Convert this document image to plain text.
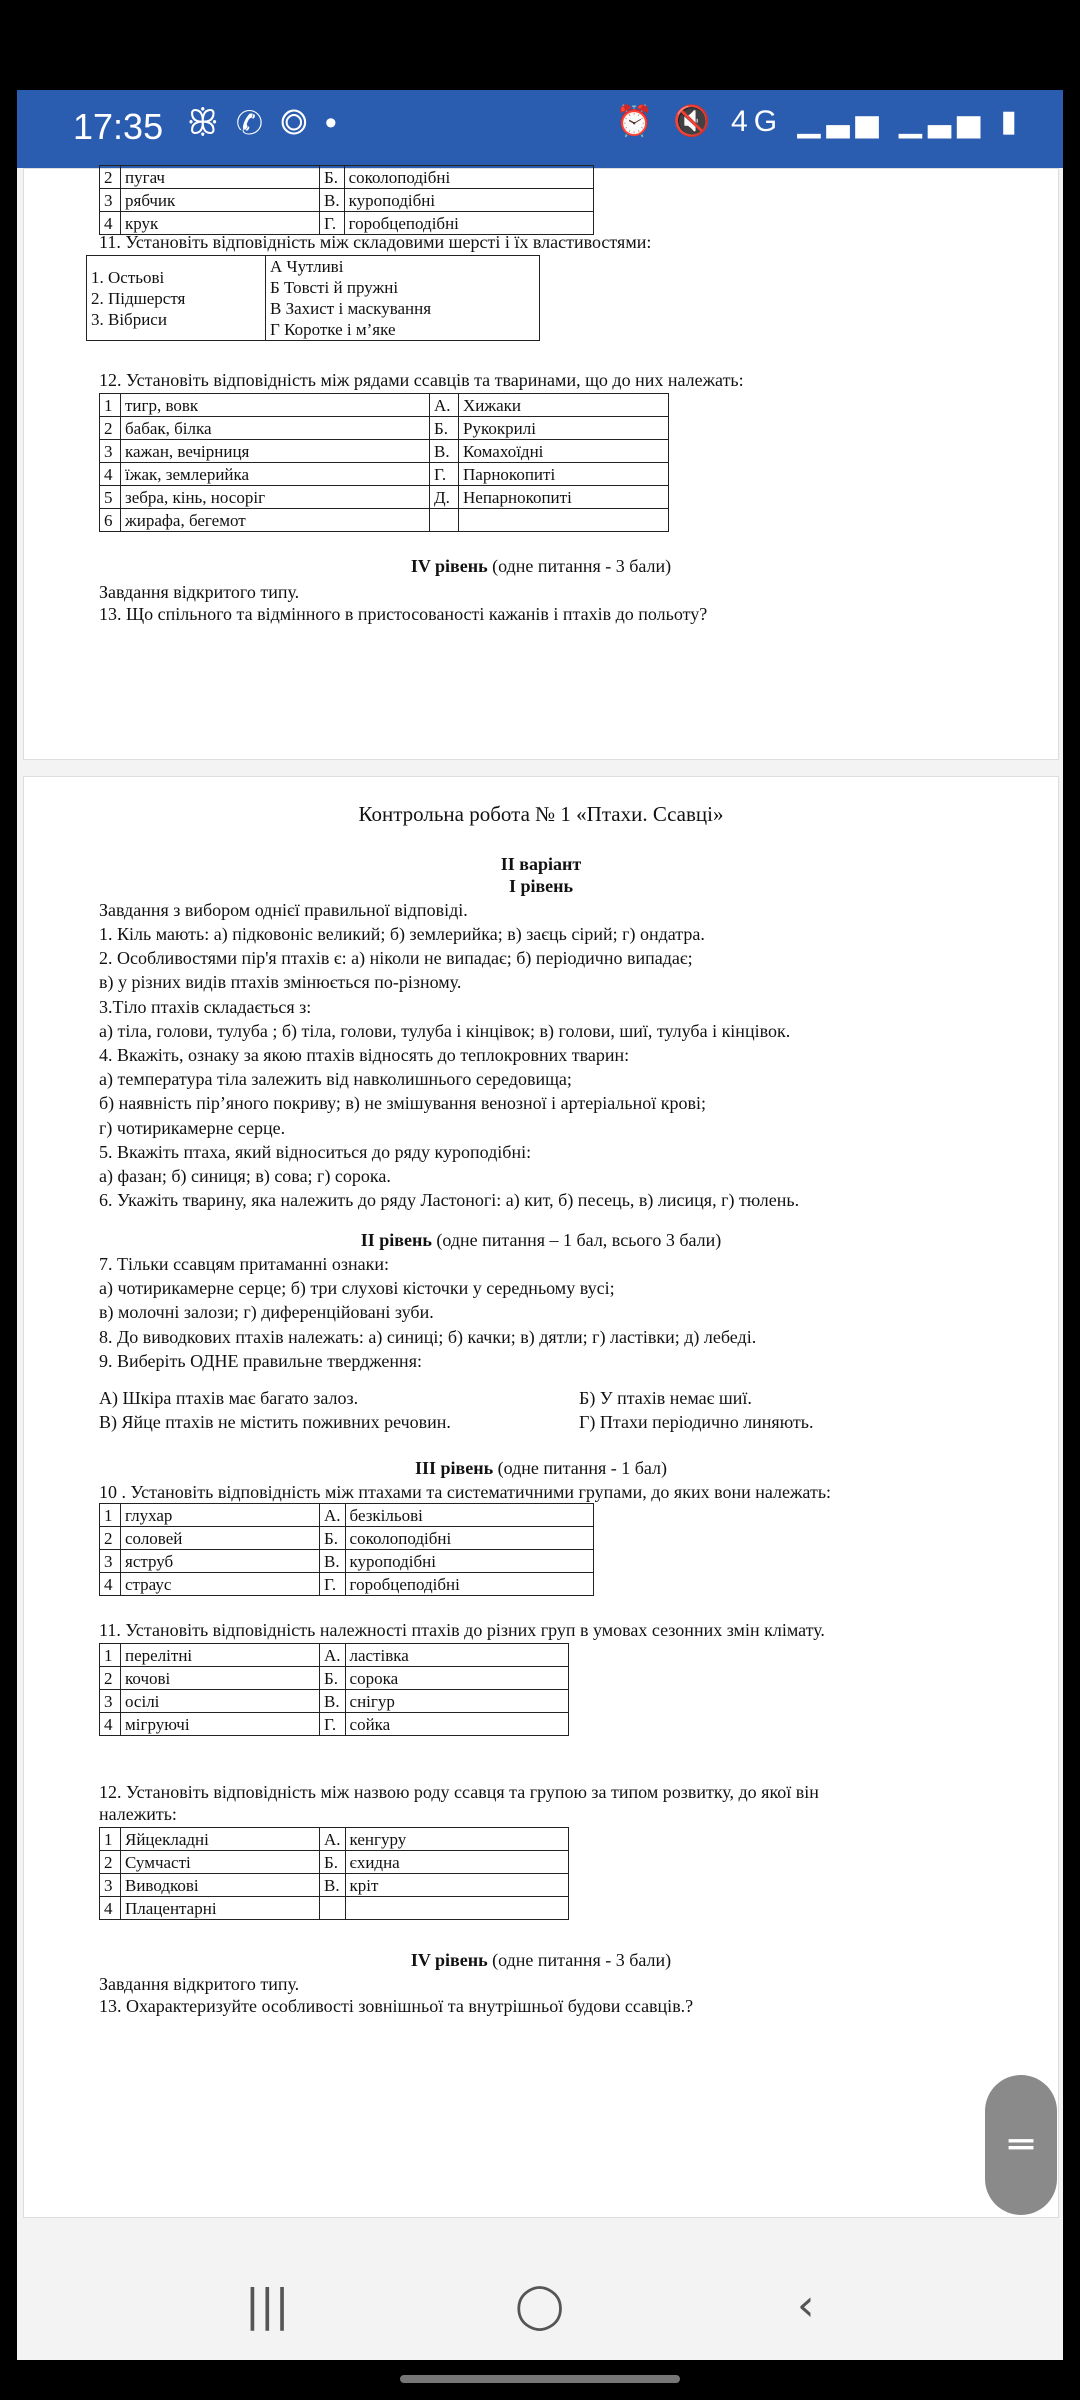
17:35 ꕥ ✆ ◎ •	⏰ 🔇 4G ▁▃▅ ▁▃▅ ▮
2	пугач	Б.	соколоподібні
3	рябчик	В.	куроподібні
4	крук	Г.	горобцеподібні
11. Установіть відповідність між складовими шерсті і їх властивостями:
1. Остьові
2. Підшерстя
3. Вібриси

А Чутливі
Б Товсті й пружні
В Захист і маскування
Г Коротке і м’яке
12. Установіть відповідність між рядами ссавців та тваринами, що до них належать:
1	тигр, вовк	А.	Хижаки
2	бабак, білка	Б.	Рукокрилі
3	кажан, вечірниця	В.	Комахоїдні
4	їжак, землерийка	Г.	Парнокопиті
5	зебра, кінь, носоріг	Д.	Непарнокопиті
6	жирафа, бегемот		
IV рівень (одне питання - 3 бали)
Завдання відкритого типу.
13. Що спільного та відмінного в пристосованості кажанів і птахів до польоту?
Контрольна робота № 1 «Птахи. Ссавці»
ІІ варіант
І рівень
Завдання з вибором однієї правильної відповіді.
1. Кіль мають: а) підковоніс великий; б) землерийка; в) заєць сірий; г) ондатра.
2. Особливостями пір'я птахів є: а) ніколи не випадає; б) періодично випадає;
в) у різних видів птахів змінюється по-різному.
3.Тіло птахів складається з:
а) тіла, голови, тулуба ; б) тіла, голови, тулуба і кінцівок; в) голови, шиї, тулуба і кінцівок.
4. Вкажіть, ознаку за якою птахів відносять до теплокровних тварин:
а) температура тіла залежить від навколишнього середовища;
б) наявність пір’яного покриву; в) не змішування венозної і артеріальної крові;
г) чотирикамерне серце.
5. Вкажіть птаха, який відноситься до ряду куроподібні:
а) фазан; б) синиця; в) сова; г) сорока.
6. Укажіть тварину, яка належить до ряду Ластоногі: а) кит, б) песець, в) лисиця, г) тюлень.
ІІ рівень (одне питання – 1 бал, всього 3 бали)
7. Тільки ссавцям притаманні ознаки:
а) чотирикамерне серце; б) три слухові кісточки у середньому вусі;
в) молочні залози; г) диференційовані зуби.
8. До виводкових птахів належать: а) синиці; б) качки; в) дятли; г) ластівки; д) лебеді.
9. Виберіть ОДНЕ правильне твердження:
А) Шкіра птахів має багато залоз.	Б) У птахів немає шиї.
В) Яйце птахів не містить поживних речовин.	Г) Птахи періодично линяють.
ІІІ рівень (одне питання - 1 бал)
10 . Установіть відповідність між птахами та систематичними групами, до яких вони належать:
1	глухар	А.	безкільові
2	соловей	Б.	соколоподібні
3	яструб	В.	куроподібні
4	страус	Г.	горобцеподібні
11. Установіть відповідність належності птахів до різних груп в умовах сезонних змін клімату.
1	перелітні	А.	ластівка
2	кочові	Б.	сорока
3	осілі	В.	снігур
4	мігруючі	Г.	сойка
12. Установіть відповідність між назвою роду ссавця та групою за типом розвитку, до якої він
належить:
1	Яйцекладні	А.	кенгуру
2	Сумчасті	Б.	єхидна
3	Виводкові	В.	кріт
4	Плацентарні		
IV рівень (одне питання - 3 бали)
Завдання відкритого типу.
13. Охарактеризуйте особливості зовнішньої та внутрішньої будови ссавців.?
═
|||	◯	‹
